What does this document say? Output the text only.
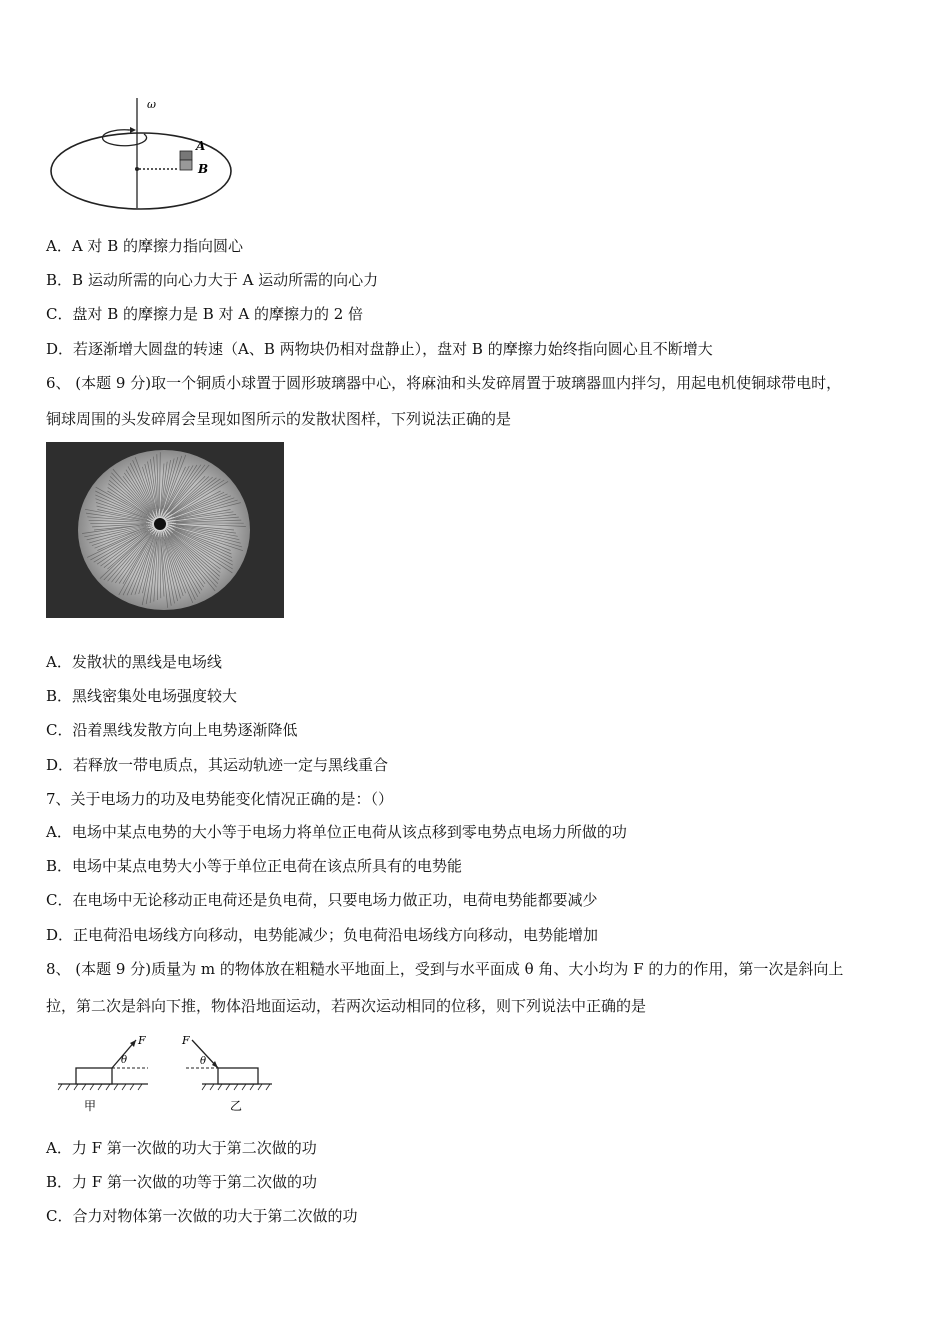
ω
A
B
A．A 对 B 的摩擦力指向圆心
B．B 运动所需的向心力大于 A 运动所需的向心力
C．盘对 B 的摩擦力是 B 对 A 的摩擦力的 2 倍
D．若逐渐增大圆盘的转速（A、B 两物块仍相对盘静止），盘对 B 的摩擦力始终指向圆心且不断增大
6、 (本题 9 分)取一个铜质小球置于圆形玻璃器中心，将麻油和头发碎屑置于玻璃器皿内拌匀，用起电机使铜球带电时，
铜球周围的头发碎屑会呈现如图所示的发散状图样，下列说法正确的是
A．发散状的黑线是电场线
B．黑线密集处电场强度较大
C．沿着黑线发散方向上电势逐渐降低
D．若释放一带电质点，其运动轨迹一定与黑线重合
7、关于电场力的功及电势能变化情况正确的是：（）
A．电场中某点电势的大小等于电场力将单位正电荷从该点移到零电势点电场力所做的功
B．电场中某点电势大小等于单位正电荷在该点所具有的电势能
C．在电场中无论移动正电荷还是负电荷，只要电场力做正功，电荷电势能都要减少
D．正电荷沿电场线方向移动，电势能减少；负电荷沿电场线方向移动，电势能增加
8、 (本题 9 分)质量为 m 的物体放在粗糙水平地面上，受到与水平面成 θ 角、大小均为 F 的力的作用，第一次是斜向上
拉，第二次是斜向下推，物体沿地面运动，若两次运动相同的位移，则下列说法中正确的是
F
θ
甲
F
θ
乙
A．力 F 第一次做的功大于第二次做的功
B．力 F 第一次做的功等于第二次做的功
C．合力对物体第一次做的功大于第二次做的功
